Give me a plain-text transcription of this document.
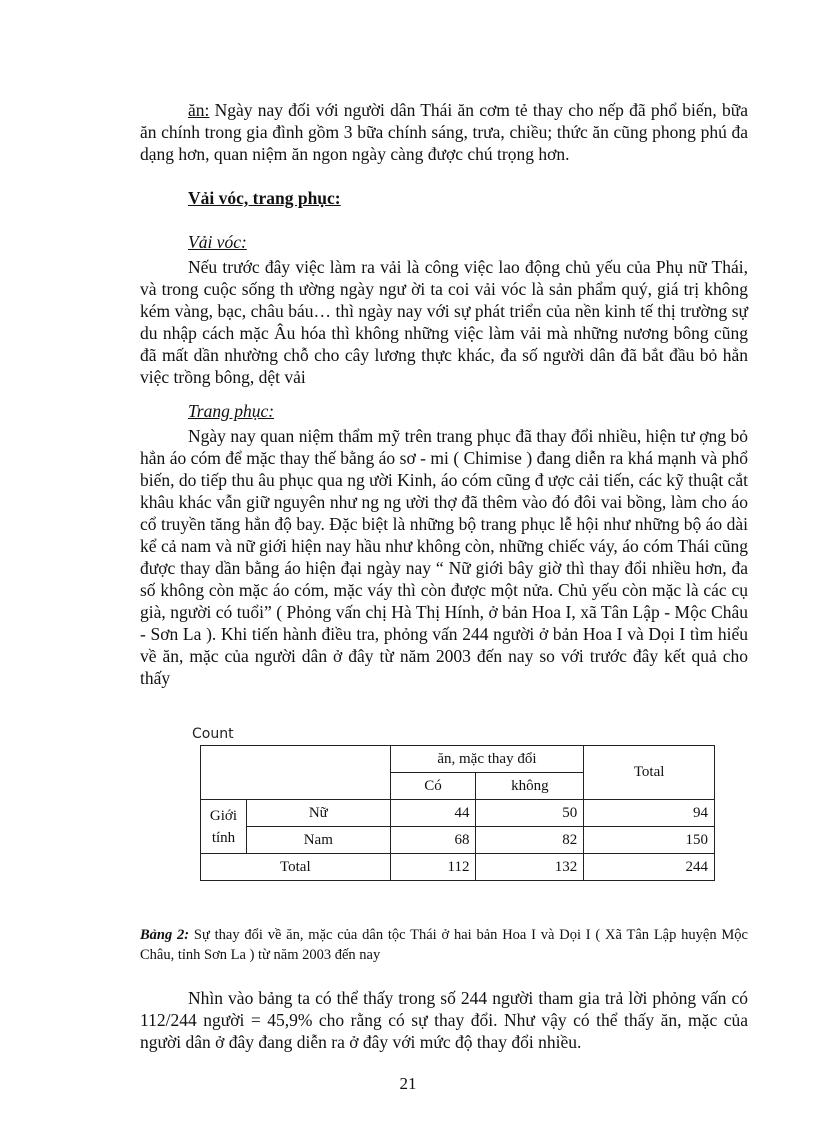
ăn: Ngày nay đối với người dân Thái ăn cơm tẻ thay cho nếp đã phổ biến, bữa ăn chính trong gia đình gồm 3 bữa chính sáng, trưa, chiều; thức ăn cũng phong phú đa dạng hơn, quan niệm ăn ngon ngày càng được chú trọng hơn.

Vải vóc, trang phục:

Vải vóc:

Nếu trước đây việc làm ra vải là công việc lao động chủ yếu của Phụ nữ Thái, và trong cuộc sống th ường ngày ngư ời ta coi vải vóc là sản phẩm quý, giá trị không kém vàng, bạc, châu báu… thì ngày nay với sự phát triển của nền kinh tế thị trường sự du nhập cách mặc Âu hóa thì không những việc làm vải mà những nương bông cũng đã mất dần nhường chỗ cho cây lương thực khác, đa số người dân đã bắt đầu bỏ hẳn việc trồng bông, dệt vải

Trang phục:

Ngày nay quan niệm thẩm mỹ trên trang phục đã thay đổi nhiều, hiện tư ợng bỏ hẳn áo cóm để mặc thay thế bằng áo sơ - mi ( Chimise ) đang diễn ra khá mạnh và phổ biến, do tiếp thu âu phục qua ng ười Kinh, áo cóm cũng đ ược cải tiến, các kỹ thuật cắt khâu khác vẫn giữ nguyên như ng ng ười thợ đã thêm vào đó đôi vai bồng, làm cho áo cổ truyền tăng hẳn độ bay. Đặc biệt là những bộ trang phục lễ hội như những bộ áo dài kể cả nam và nữ giới hiện nay hầu như không còn, những chiếc váy, áo cóm Thái cũng được thay dần bằng áo hiện đại ngày nay “ Nữ giới bây giờ thì thay đổi nhiều hơn, đa số không còn mặc áo cóm, mặc váy thì còn được một nửa. Chủ yếu còn mặc là các cụ già, người có tuổi” ( Phỏng vấn chị Hà Thị Hính, ở bản Hoa I, xã Tân Lập - Mộc Châu - Sơn La ). Khi tiến hành điều tra, phỏng vấn 244 người ở bản Hoa I và Dọi I tìm hiểu về ăn, mặc của người dân ở đây từ năm 2003 đến nay so với trước đây kết quả cho thấy

Count
		ăn, mặc thay đổi		Total
		Có	không	
Giới tính	Nữ	44	50	94
	Nam	68	82	150
Total		112	132	244

Bảng 2: Sự thay đổi về ăn, mặc của dân tộc Thái ở hai bản Hoa I và Dọi I ( Xã Tân Lập huyện Mộc Châu, tỉnh Sơn La ) từ năm 2003 đến nay

Nhìn vào bảng ta có thể thấy trong số 244 người tham gia trả lời phỏng vấn có 112/244 người = 45,9% cho rằng có sự thay đổi. Như vậy có thể thấy ăn, mặc của người dân ở đây đang diễn ra ở đây với mức độ thay đổi nhiều.

21
